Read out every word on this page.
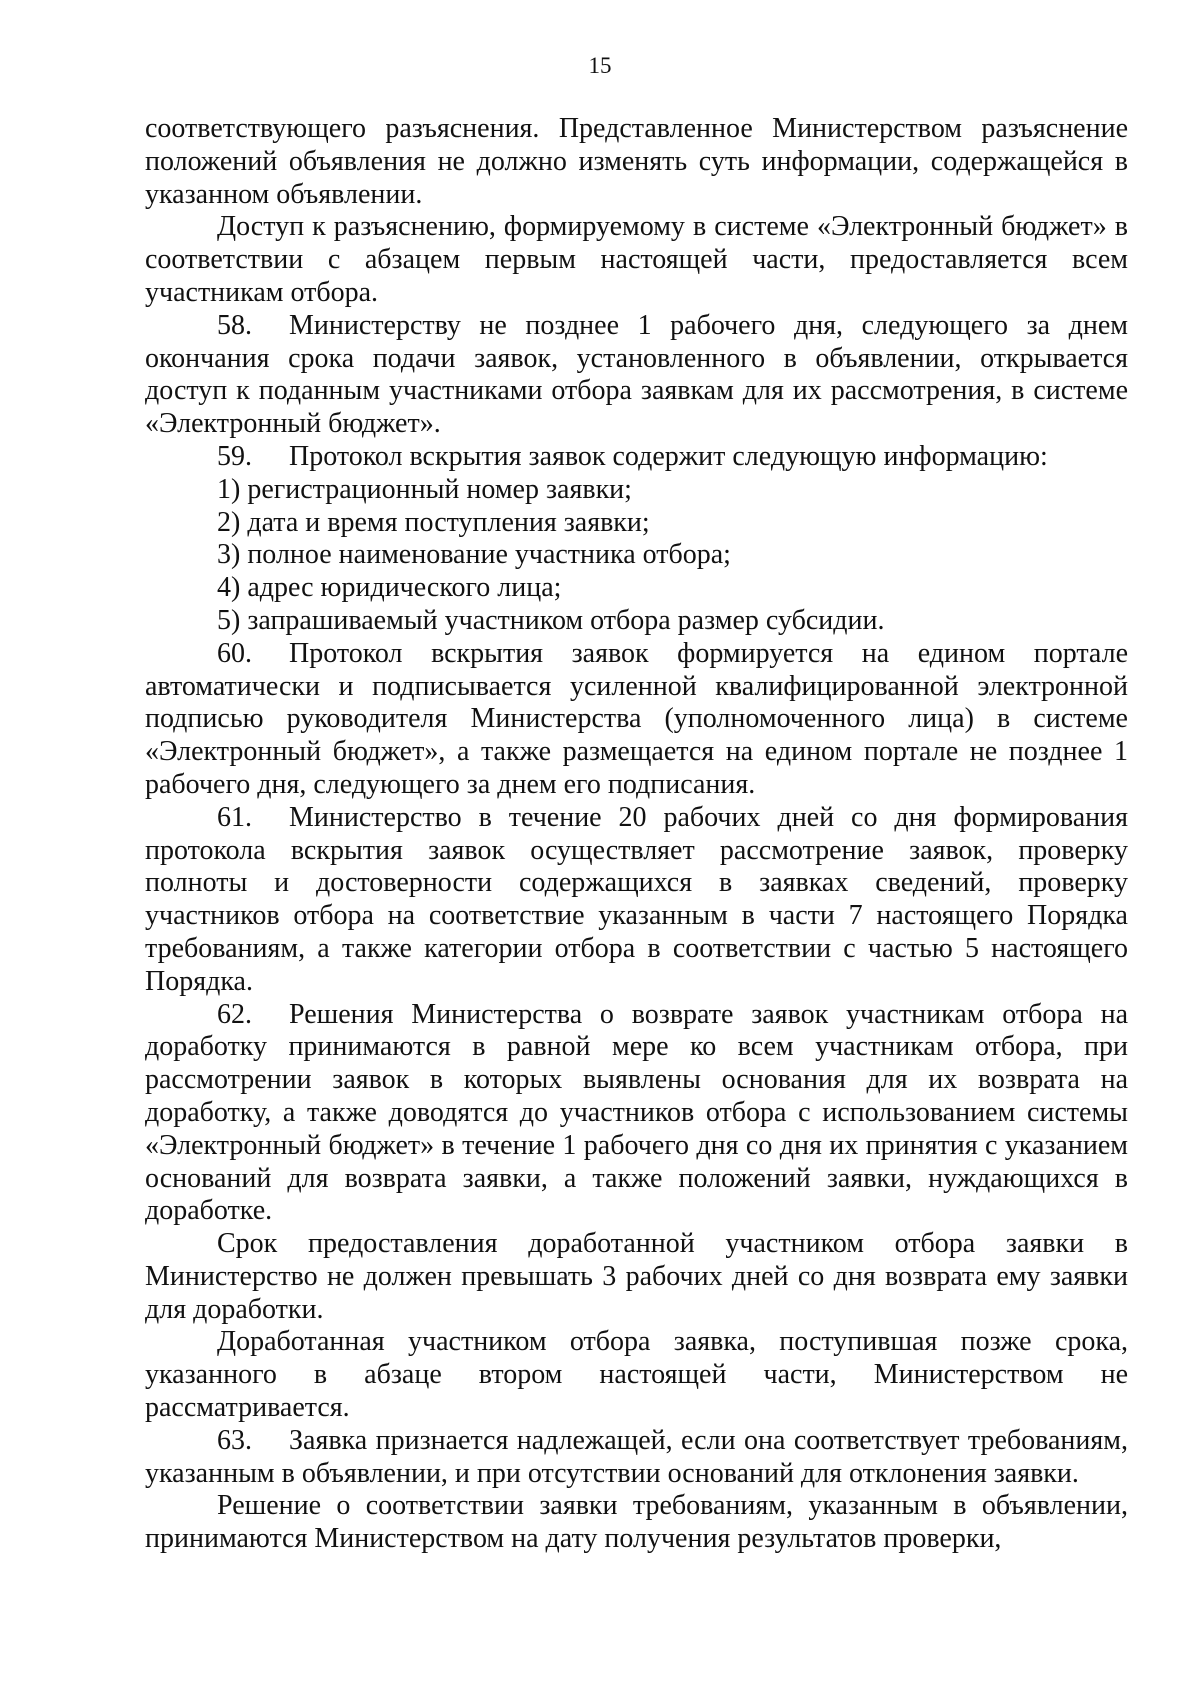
15

соответствующего разъяснения. Представленное Министерством разъяснение положений объявления не должно изменять суть информации, содержащейся в указанном объявлении.

Доступ к разъяснению, формируемому в системе «Электронный бюджет» в соответствии с абзацем первым настоящей части, предоставляется всем участникам отбора.

58. Министерству не позднее 1 рабочего дня, следующего за днем окончания срока подачи заявок, установленного в объявлении, открывается доступ к поданным участниками отбора заявкам для их рассмотрения, в системе «Электронный бюджет».

59. Протокол вскрытия заявок содержит следующую информацию:

1) регистрационный номер заявки;

2) дата и время поступления заявки;

3) полное наименование участника отбора;

4) адрес юридического лица;

5) запрашиваемый участником отбора размер субсидии.

60. Протокол вскрытия заявок формируется на едином портале автоматически и подписывается усиленной квалифицированной электронной подписью руководителя Министерства (уполномоченного лица) в системе «Электронный бюджет», а также размещается на едином портале не позднее 1 рабочего дня, следующего за днем его подписания.

61. Министерство в течение 20 рабочих дней со дня формирования протокола вскрытия заявок осуществляет рассмотрение заявок, проверку полноты и достоверности содержащихся в заявках сведений, проверку участников отбора на соответствие указанным в части 7 настоящего Порядка требованиям, а также категории отбора в соответствии с частью 5 настоящего Порядка.

62. Решения Министерства о возврате заявок участникам отбора на доработку принимаются в равной мере ко всем участникам отбора, при рассмотрении заявок в которых выявлены основания для их возврата на доработку, а также доводятся до участников отбора с использованием системы «Электронный бюджет» в течение 1 рабочего дня со дня их принятия с указанием оснований для возврата заявки, а также положений заявки, нуждающихся в доработке.

Срок предоставления доработанной участником отбора заявки в Министерство не должен превышать 3 рабочих дней со дня возврата ему заявки для доработки.

Доработанная участником отбора заявка, поступившая позже срока, указанного в абзаце втором настоящей части, Министерством не рассматривается.

63. Заявка признается надлежащей, если она соответствует требованиям, указанным в объявлении, и при отсутствии оснований для отклонения заявки.

Решение о соответствии заявки требованиям, указанным в объявлении, принимаются Министерством на дату получения результатов проверки,
